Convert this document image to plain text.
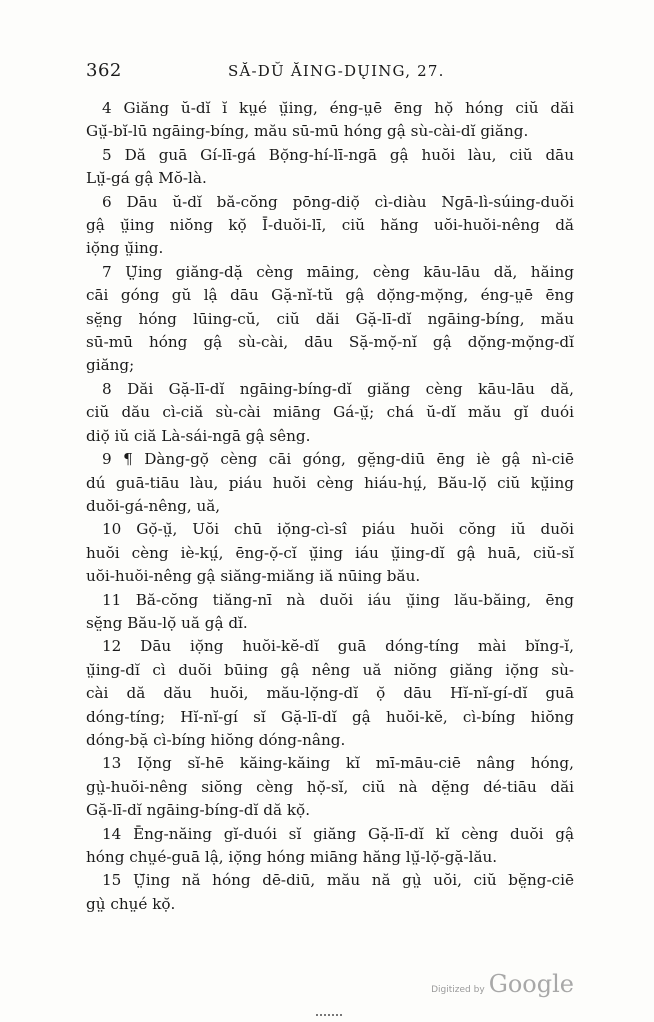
362	SĂ-DŬ ĂING-DŲING, 27.
4 Giăng ŭ-dĭ ĭ kṳé ṳ̆ing, éng-ṳē ēng họ̆ hóng ciŭ dăi
Gṳ̆-bĭ-lū ngāing-bíng, mău sū-mū hóng gậ sù-cài-dĭ giăng.
5 Dă guā Gí-lī-gá Bọ̆ng-hí-lī-ngā gậ huŏi làu, ciŭ dāu
Lṳ̆-gá gậ Mŏ-là.
6 Dāu ŭ-dĭ bă-cŏng pōng-diọ̆ cì-diàu Ngā-lì-súing-duŏi
gậ ṳ̆ing niŏng kọ̆ Ī-duŏi-lī, ciŭ hăng uŏi-huŏi-nêng dă
iọ̆ng ṳ̆ing.
7 Ṳ̆ing giăng-dặ cèng māing, cèng kāu-lāu dă, hăing
cāi góng gŭ lậ dāu Gặ-nĭ-tŭ gậ dọ̆ng-mọ̆ng, éng-ṳē ēng
sĕ̤ng hóng lūing-cŭ, ciŭ dăi Gặ-lī-dĭ ngāing-bíng, mău
sū-mū hóng gậ sù-cài, dāu Sặ-mọ̆-nĭ gậ dọ̆ng-mọ̆ng-dĭ
giăng;
8 Dăi Gặ-lī-dĭ ngāing-bíng-dĭ giăng cèng kāu-lāu dă,
ciŭ dău cì-ciă sù-cài miāng Gá-ṳ̆; chá ŭ-dĭ mău gĭ duói
diọ̆ iŭ ciă Là-sái-ngā gậ sêng.
9 ¶ Dàng-gọ̆ cèng cāi góng, gĕ̤ng-diū ēng iè gậ nì-ciē
dú guā-tiāu làu, piáu huŏi cèng hiáu-hṳ́, Bău-lọ̆ ciŭ kṳ̆ing
duŏi-gá-nêng, uă,
10 Gọ̆-ṳ̆, Uŏi chū iọ̆ng-cì-sî piáu huŏi cŏng iŭ duŏi
huŏi cèng iè-kṳ́, ēng-ọ̆-cĭ ṳ̆ing iáu ṳ̆ing-dĭ gậ huā, ciŭ-sĭ
uŏi-huŏi-nêng gậ siăng-miăng iă nūing bău.
11 Bă-cŏng tiăng-nī nà duŏi iáu ṳ̆ing lău-băing, ēng
sĕ̤ng Bău-lọ̆ uă gậ dĭ.
12 Dāu iọ̆ng huŏi-kĕ-dĭ guā dóng-tíng mài bĭng-ĭ,
ṳ̆ing-dĭ cì duŏi būing gậ nêng uă niŏng giăng iọ̆ng sù-
cài dă dău huŏi, mău-lọ̆ng-dĭ ọ̆ dāu Hĭ-nĭ-gí-dĭ guā
dóng-tíng; Hĭ-nĭ-gí sĭ Gặ-lī-dĭ gậ huŏi-kĕ, cì-bíng hiŏng
dóng-bặ cì-bíng hiŏng dóng-nâng.
13 Iọ̆ng sĭ-hē kăing-kăing kĭ mī-māu-ciē nâng hóng,
gṳ̀-huŏi-nêng siŏng cèng họ̆-sĭ, ciŭ nà dĕ̤ng dé-tiāu dăi
Gặ-lī-dĭ ngāing-bíng-dĭ dă kọ̆.
14 Ēng-năing gĭ-duói sĭ giăng Gặ-lī-dĭ kĭ cèng duŏi gậ
hóng chṳé-guā lậ, iọ̆ng hóng miāng hăng lṳ̆-lọ̆-gặ-lău.
15 Ṳ̆ing nă hóng dē-diū, mău nă gṳ̀ uŏi, ciŭ bĕ̤ng-ciē
gṳ̀ chṳé kọ̆.
Digitized by Google
